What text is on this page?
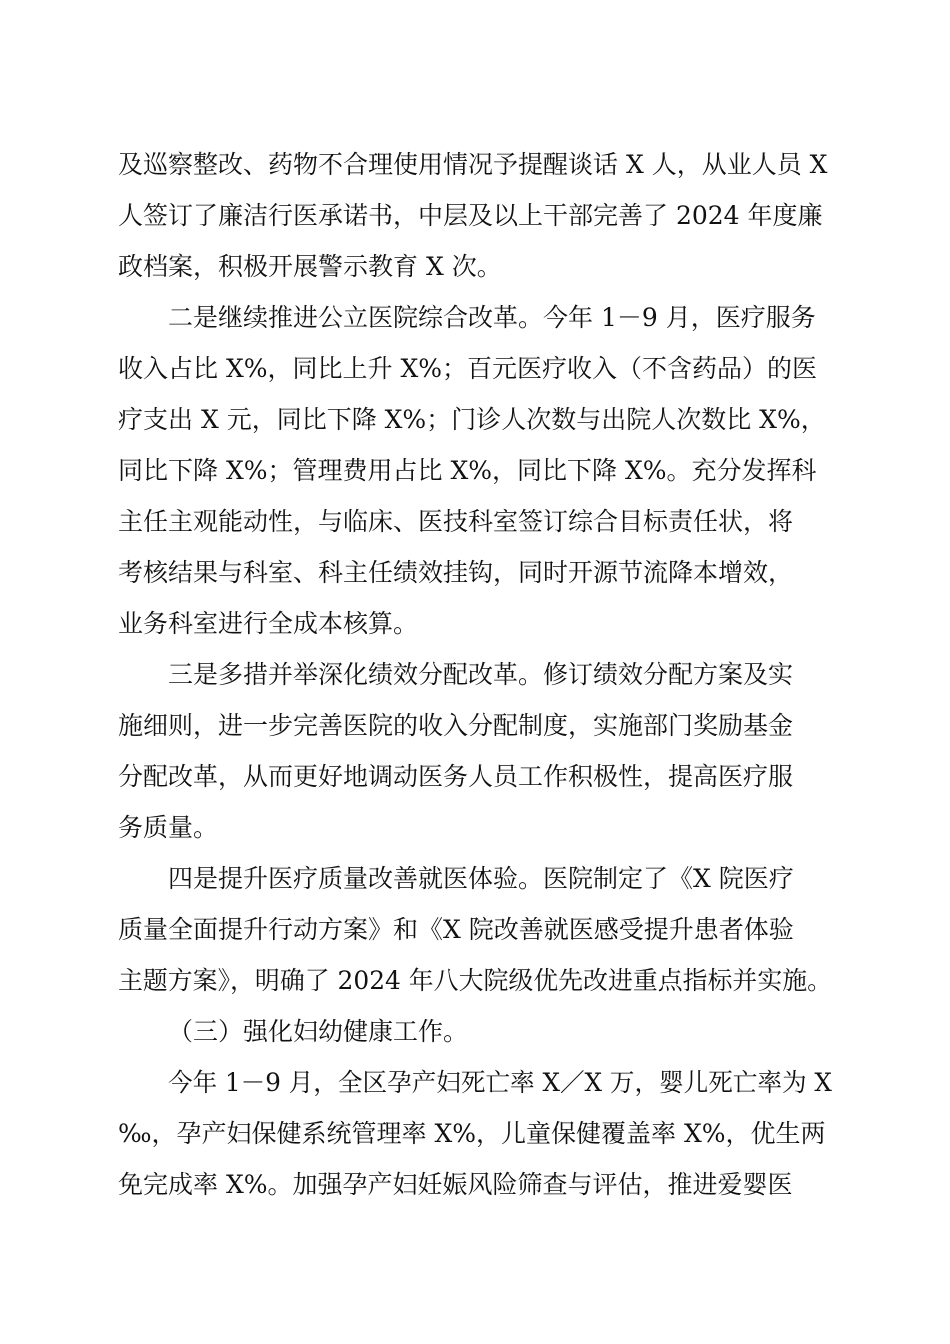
及巡察整改、药物不合理使用情况予提醒谈话 X 人，从业人员 X
人签订了廉洁行医承诺书，中层及以上干部完善了 2024 年度廉
政档案，积极开展警示教育 X 次。
二是继续推进公立医院综合改革。今年 1－9 月，医疗服务
收入占比 X%，同比上升 X%；百元医疗收入（不含药品）的医
疗支出 X 元，同比下降 X%；门诊人次数与出院人次数比 X%，
同比下降 X%；管理费用占比 X%，同比下降 X%。充分发挥科
主任主观能动性，与临床、医技科室签订综合目标责任状，将
考核结果与科室、科主任绩效挂钩，同时开源节流降本增效，
业务科室进行全成本核算。
三是多措并举深化绩效分配改革。修订绩效分配方案及实
施细则，进一步完善医院的收入分配制度，实施部门奖励基金
分配改革，从而更好地调动医务人员工作积极性，提高医疗服
务质量。
四是提升医疗质量改善就医体验。医院制定了《X 院医疗
质量全面提升行动方案》和《X 院改善就医感受提升患者体验
主题方案》，明确了 2024 年八大院级优先改进重点指标并实施。
（三）强化妇幼健康工作。
今年 1－9 月，全区孕产妇死亡率 X／X 万，婴儿死亡率为 X
‰，孕产妇保健系统管理率 X%，儿童保健覆盖率 X%，优生两
免完成率 X%。加强孕产妇妊娠风险筛查与评估，推进爱婴医
